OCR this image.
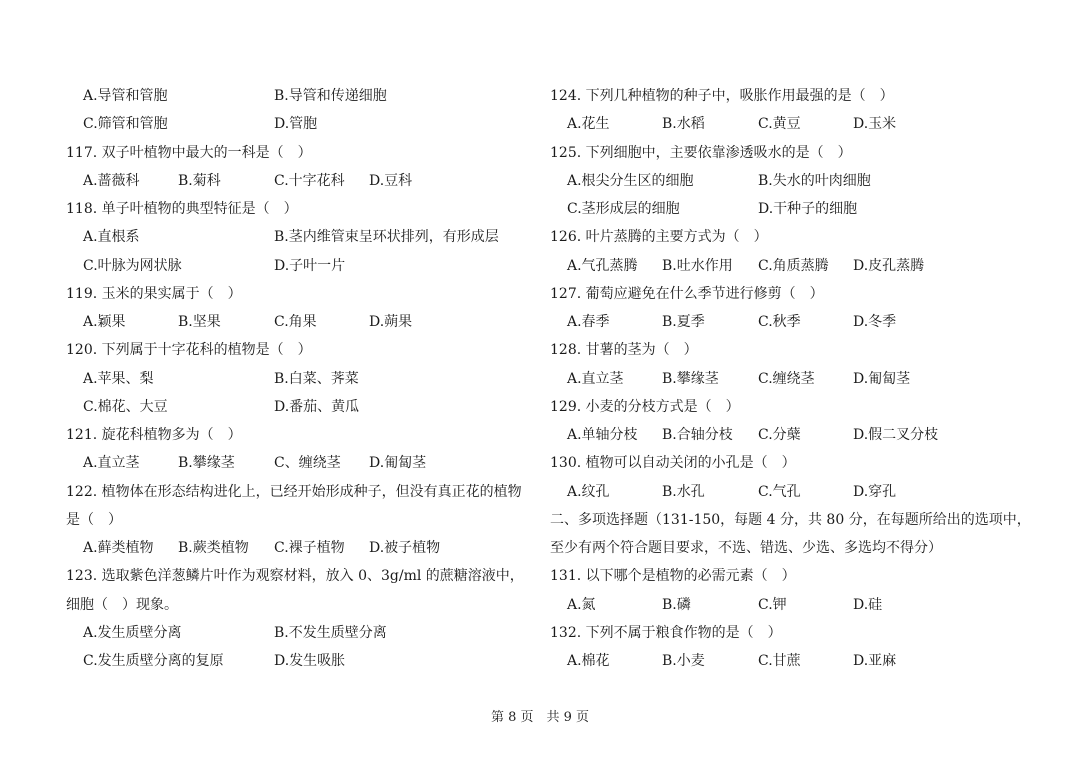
A.导管和管胞	B.导管和传递细胞
C.筛管和管胞	D.管胞
117. 双子叶植物中最大的一科是（　）
A.蔷薇科	B.菊科	C.十字花科 D.豆科
118. 单子叶植物的典型特征是（　）
A.直根系	B.茎内维管束呈环状排列，有形成层
C.叶脉为网状脉	D.子叶一片
119. 玉米的果实属于（　）
A.颖果	B.坚果	C.角果	D.蒴果
120. 下列属于十字花科的植物是（　）
A.苹果、梨	B.白菜、荠菜
C.棉花、大豆	D.番茄、黄瓜
121. 旋花科植物多为（　）
A.直立茎	B.攀缘茎	C、缠绕茎 D.匍匐茎
122. 植物体在形态结构进化上，已经开始形成种子，但没有真正花的植物
是（　）
A.藓类植物 B.蕨类植物 C.裸子植物 D.被子植物
123. 选取紫色洋葱鳞片叶作为观察材料，放入 0、3g/ml 的蔗糖溶液中，
细胞（　）现象。
A.发生质壁分离	B.不发生质壁分离
C.发生质壁分离的复原	D.发生吸胀
124. 下列几种植物的种子中，吸胀作用最强的是（　）
A.花生	B.水稻	C.黄豆	D.玉米
125. 下列细胞中，主要依靠渗透吸水的是（　）
A.根尖分生区的细胞	B.失水的叶肉细胞
C.茎形成层的细胞	D.干种子的细胞
126. 叶片蒸腾的主要方式为（　）
A.气孔蒸腾 B.吐水作用 C.角质蒸腾 D.皮孔蒸腾
127. 葡萄应避免在什么季节进行修剪（　）
A.春季	B.夏季	C.秋季	D.冬季
128. 甘薯的茎为（　）
A.直立茎	B.攀缘茎	C.缠绕茎	D.匍匐茎
129. 小麦的分枝方式是（　）
A.单轴分枝 B.合轴分枝 C.分蘖	D.假二叉分枝
130. 植物可以自动关闭的小孔是（　）
A.纹孔	B.水孔	C.气孔	D.穿孔
二、多项选择题（131-150，每题 4 分，共 80 分，在每题所给出的选项中，
至少有两个符合题目要求，不选、错选、少选、多选均不得分）
131. 以下哪个是植物的必需元素（　）
A.氮	B.磷	C.钾	D.硅
132. 下列不属于粮食作物的是（　）
A.棉花	B.小麦	C.甘蔗	D.亚麻
第 8 页　共 9 页
